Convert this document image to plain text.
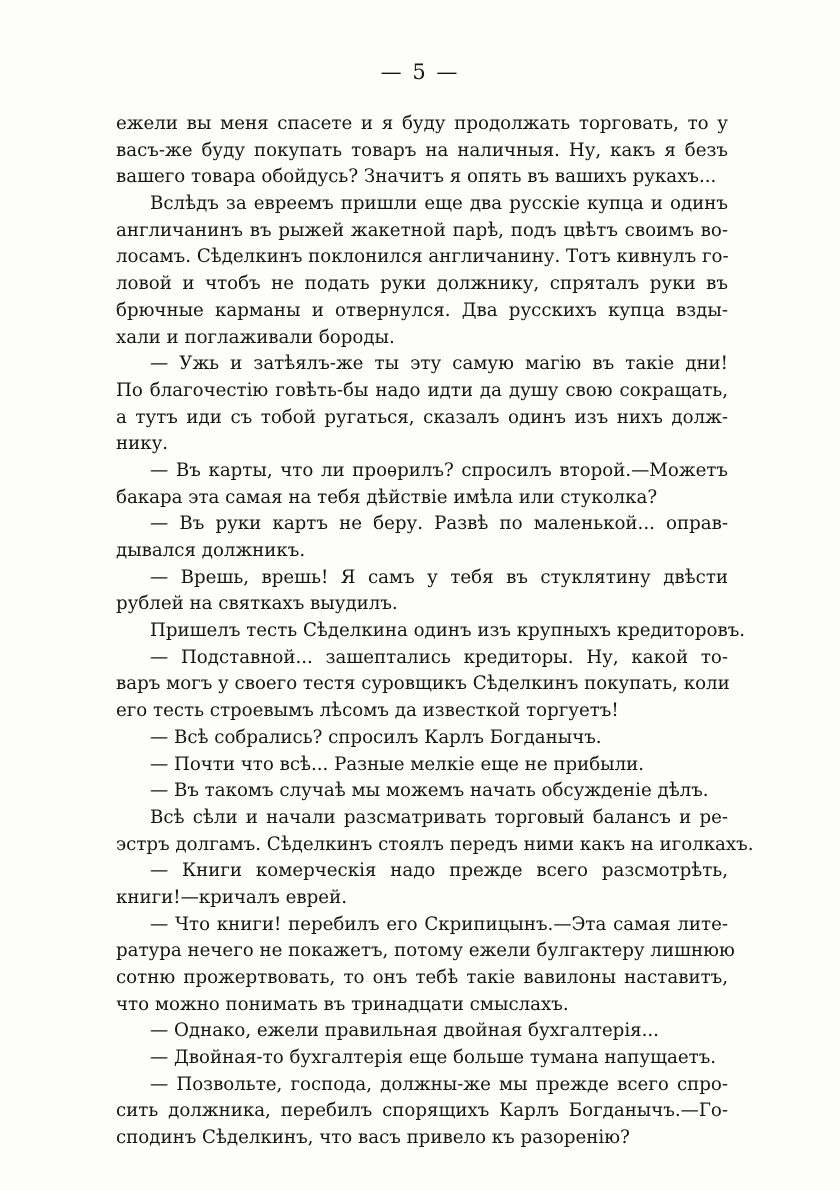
— 5 —
ежели вы меня спасете и я буду продолжать торговать, то у
васъ-же буду покупать товаръ на наличныя. Ну, какъ я безъ
вашего товара обойдусь? Значитъ я опять въ вашихъ рукахъ...
Вслѣдъ за евреемъ пришли еще два русскіе купца и одинъ
англичанинъ въ рыжей жакетной парѣ, подъ цвѣтъ своимъ во-
лосамъ. Сѣделкинъ поклонился англичанину. Тотъ кивнулъ го-
ловой и чтобъ не подать руки должнику, спряталъ руки въ
брючные карманы и отвернулся. Два русскихъ купца взды-
хали и поглаживали бороды.
— Ужь и затѣялъ-же ты эту самую магію въ такіе дни!
По благочестію говѣть-бы надо идти да душу свою сокращать,
а тутъ иди съ тобой ругаться, сказалъ одинъ изъ нихъ долж-
нику.
— Въ карты, что ли проѳрилъ? спросилъ второй.—Можетъ
бакара эта самая на тебя дѣйствіе имѣла или стуколка?
— Въ руки картъ не беру. Развѣ по маленькой... оправ-
дывался должникъ.
— Врешь, врешь! Я самъ у тебя въ стуклятину двѣсти
рублей на святкахъ выудилъ.
Пришелъ тесть Сѣделкина одинъ изъ крупныхъ кредиторовъ.
— Подставной... зашептались кредиторы. Ну, какой то-
варъ могъ у своего тестя суровщикъ Сѣделкинъ покупать, коли
его тесть строевымъ лѣсомъ да известкой торгуетъ!
— Всѣ собрались? спросилъ Карлъ Богданычъ.
— Почти что всѣ... Разные мелкіе еще не прибыли.
— Въ такомъ случаѣ мы можемъ начать обсужденіе дѣлъ.
Всѣ сѣли и начали разсматривать торговый балансъ и ре-
эстръ долгамъ. Сѣделкинъ стоялъ передъ ними какъ на иголкахъ.
— Книги комерческія надо прежде всего разсмотрѣть,
книги!—кричалъ еврей.
— Что книги! перебилъ его Скрипицынъ.—Эта самая лите-
ратура нечего не покажетъ, потому ежели булгактеру лишнюю
сотню прожертвовать, то онъ тебѣ такіе вавилоны наставитъ,
что можно понимать въ тринадцати смыслахъ.
— Однако, ежели правильная двойная бухгалтерія...
— Двойная-то бухгалтерія еще больше тумана напущаетъ.
— Позвольте, господа, должны-же мы прежде всего спро-
сить должника, перебилъ спорящихъ Карлъ Богданычъ.—Го-
сподинъ Сѣделкинъ, что васъ привело къ разоренію?
